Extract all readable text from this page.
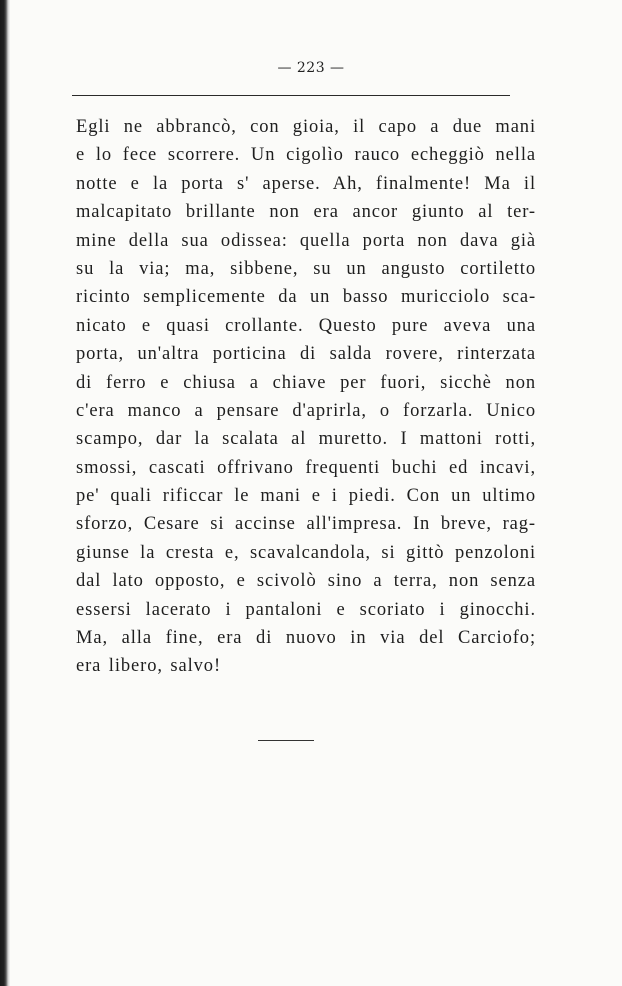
— 223 —
Egli ne abbrancò, con gioia, il capo a due mani
e lo fece scorrere. Un cigolìo rauco echeggiò nella
notte e la porta s' aperse. Ah, finalmente! Ma il
malcapitato brillante non era ancor giunto al ter-
mine della sua odissea: quella porta non dava già
su la via; ma, sibbene, su un angusto cortiletto
ricinto semplicemente da un basso muricciolo sca-
nicato e quasi crollante. Questo pure aveva una
porta, un'altra porticina di salda rovere, rinterzata
di ferro e chiusa a chiave per fuori, sicchè non
c'era manco a pensare d'aprirla, o forzarla. Unico
scampo, dar la scalata al muretto. I mattoni rotti,
smossi, cascati offrivano frequenti buchi ed incavi,
pe' quali rificcar le mani e i piedi. Con un ultimo
sforzo, Cesare si accinse all'impresa. In breve, rag-
giunse la cresta e, scavalcandola, si gittò penzoloni
dal lato opposto, e scivolò sino a terra, non senza
essersi lacerato i pantaloni e scoriato i ginocchi.
Ma, alla fine, era di nuovo in via del Carciofo;
era libero, salvo!
